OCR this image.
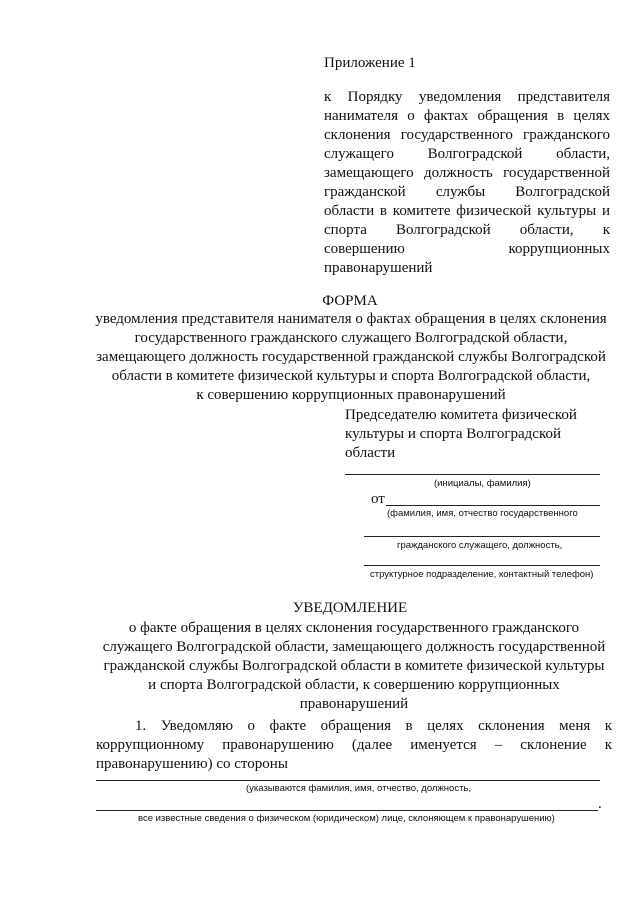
Приложение 1
к Порядку уведомления представителя
нанимателя о фактах обращения в целях
склонения государственного гражданского
служащего Волгоградской области,
замещающего должность государственной
гражданской службы Волгоградской
области в комитете физической культуры и
спорта Волгоградской области, к
совершению коррупционных
правонарушений
ФОРМА
уведомления представителя нанимателя о фактах обращения в целях склонения
государственного гражданского служащего Волгоградской области,
замещающего должность государственной гражданской службы Волгоградской
области в комитете физической культуры и спорта Волгоградской области,
к совершению коррупционных правонарушений
Председателю комитета физической
культуры и спорта Волгоградской
области
(инициалы, фамилия)
от
(фамилия, имя, отчество государственного
гражданского служащего, должность,
структурное подразделение, контактный телефон)
УВЕДОМЛЕНИЕ
о факте обращения в целях склонения государственного гражданского
служащего Волгоградской области, замещающего должность государственной
гражданской службы Волгоградской области в комитете физической культуры
и спорта Волгоградской области, к совершению коррупционных
правонарушений
1. Уведомляю о факте обращения в целях склонения меня к
коррупционному правонарушению (далее именуется – склонение к
правонарушению) со стороны
(указываются фамилия, имя, отчество, должность,
.
все известные сведения о физическом (юридическом) лице, склоняющем к правонарушению)
